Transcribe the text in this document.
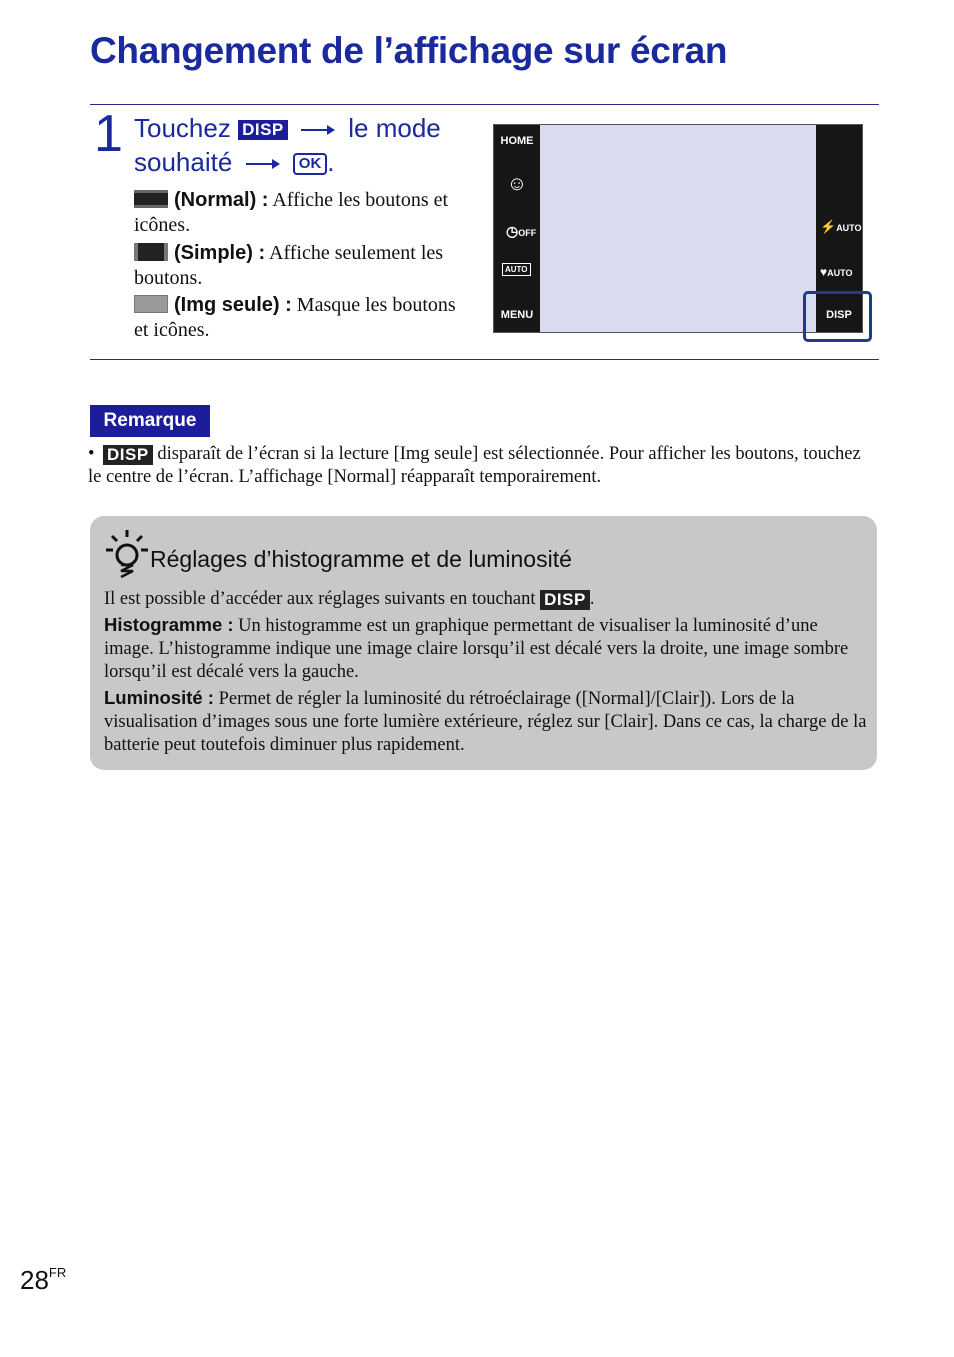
Changement de l’affichage sur écran
1 Touchez DISP le mode
souhaité	OK .
(Normal) : Affiche les boutons et icônes.
(Simple) : Affiche seulement les boutons.
(Img seule) : Masque les boutons et icônes.
HOME
☺
◷OFF
AUTO
MENU
⚡AUTO
♥AUTO
DISP
Remarque
• DISP disparaît de l’écran si la lecture [Img seule] est sélectionnée. Pour afficher les boutons, touchez le centre de l’écran. L’affichage [Normal] réapparaît temporairement.
Réglages d’histogramme et de luminosité

Il est possible d’accéder aux réglages suivants en touchant DISP .

Histogramme : Un histogramme est un graphique permettant de visualiser la luminosité d’une image. L’histogramme indique une image claire lorsqu’il est décalé vers la droite, une image sombre lorsqu’il est décalé vers la gauche.

Luminosité : Permet de régler la luminosité du rétroéclairage ([Normal]/[Clair]). Lors de la visualisation d’images sous une forte lumière extérieure, réglez sur [Clair]. Dans ce cas, la charge de la batterie peut toutefois diminuer plus rapidement.

$28^{FR}$
